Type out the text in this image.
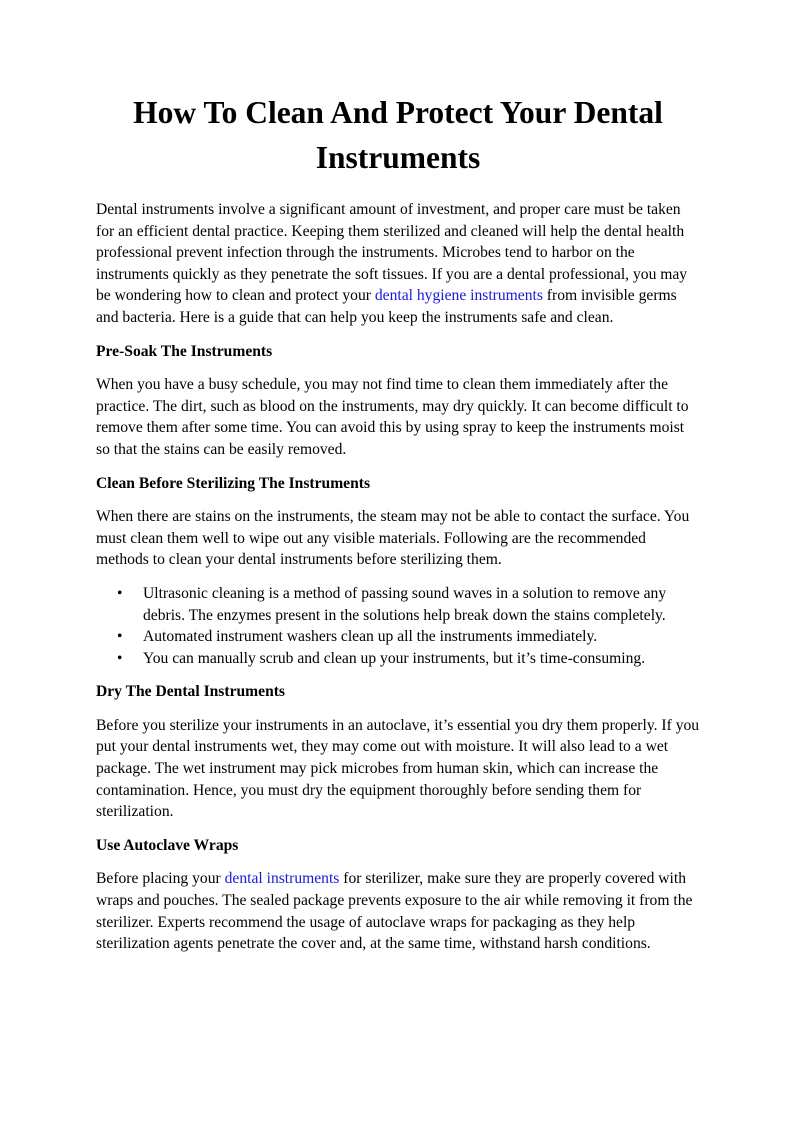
How To Clean And Protect Your Dental Instruments

Dental instruments involve a significant amount of investment, and proper care must be taken for an efficient dental practice. Keeping them sterilized and cleaned will help the dental health professional prevent infection through the instruments. Microbes tend to harbor on the instruments quickly as they penetrate the soft tissues. If you are a dental professional, you may be wondering how to clean and protect your dental hygiene instruments from invisible germs and bacteria. Here is a guide that can help you keep the instruments safe and clean.

Pre-Soak The Instruments

When you have a busy schedule, you may not find time to clean them immediately after the practice. The dirt, such as blood on the instruments, may dry quickly. It can become difficult to remove them after some time. You can avoid this by using spray to keep the instruments moist so that the stains can be easily removed.

Clean Before Sterilizing The Instruments

When there are stains on the instruments, the steam may not be able to contact the surface. You must clean them well to wipe out any visible materials. Following are the recommended methods to clean your dental instruments before sterilizing them.

• Ultrasonic cleaning is a method of passing sound waves in a solution to remove any debris. The enzymes present in the solutions help break down the stains completely.
• Automated instrument washers clean up all the instruments immediately.
• You can manually scrub and clean up your instruments, but it’s time-consuming.
Dry The Dental Instruments

Before you sterilize your instruments in an autoclave, it’s essential you dry them properly. If you put your dental instruments wet, they may come out with moisture. It will also lead to a wet package. The wet instrument may pick microbes from human skin, which can increase the contamination. Hence, you must dry the equipment thoroughly before sending them for sterilization.

Use Autoclave Wraps

Before placing your dental instruments for sterilizer, make sure they are properly covered with wraps and pouches. The sealed package prevents exposure to the air while removing it from the sterilizer. Experts recommend the usage of autoclave wraps for packaging as they help sterilization agents penetrate the cover and, at the same time, withstand harsh conditions.
